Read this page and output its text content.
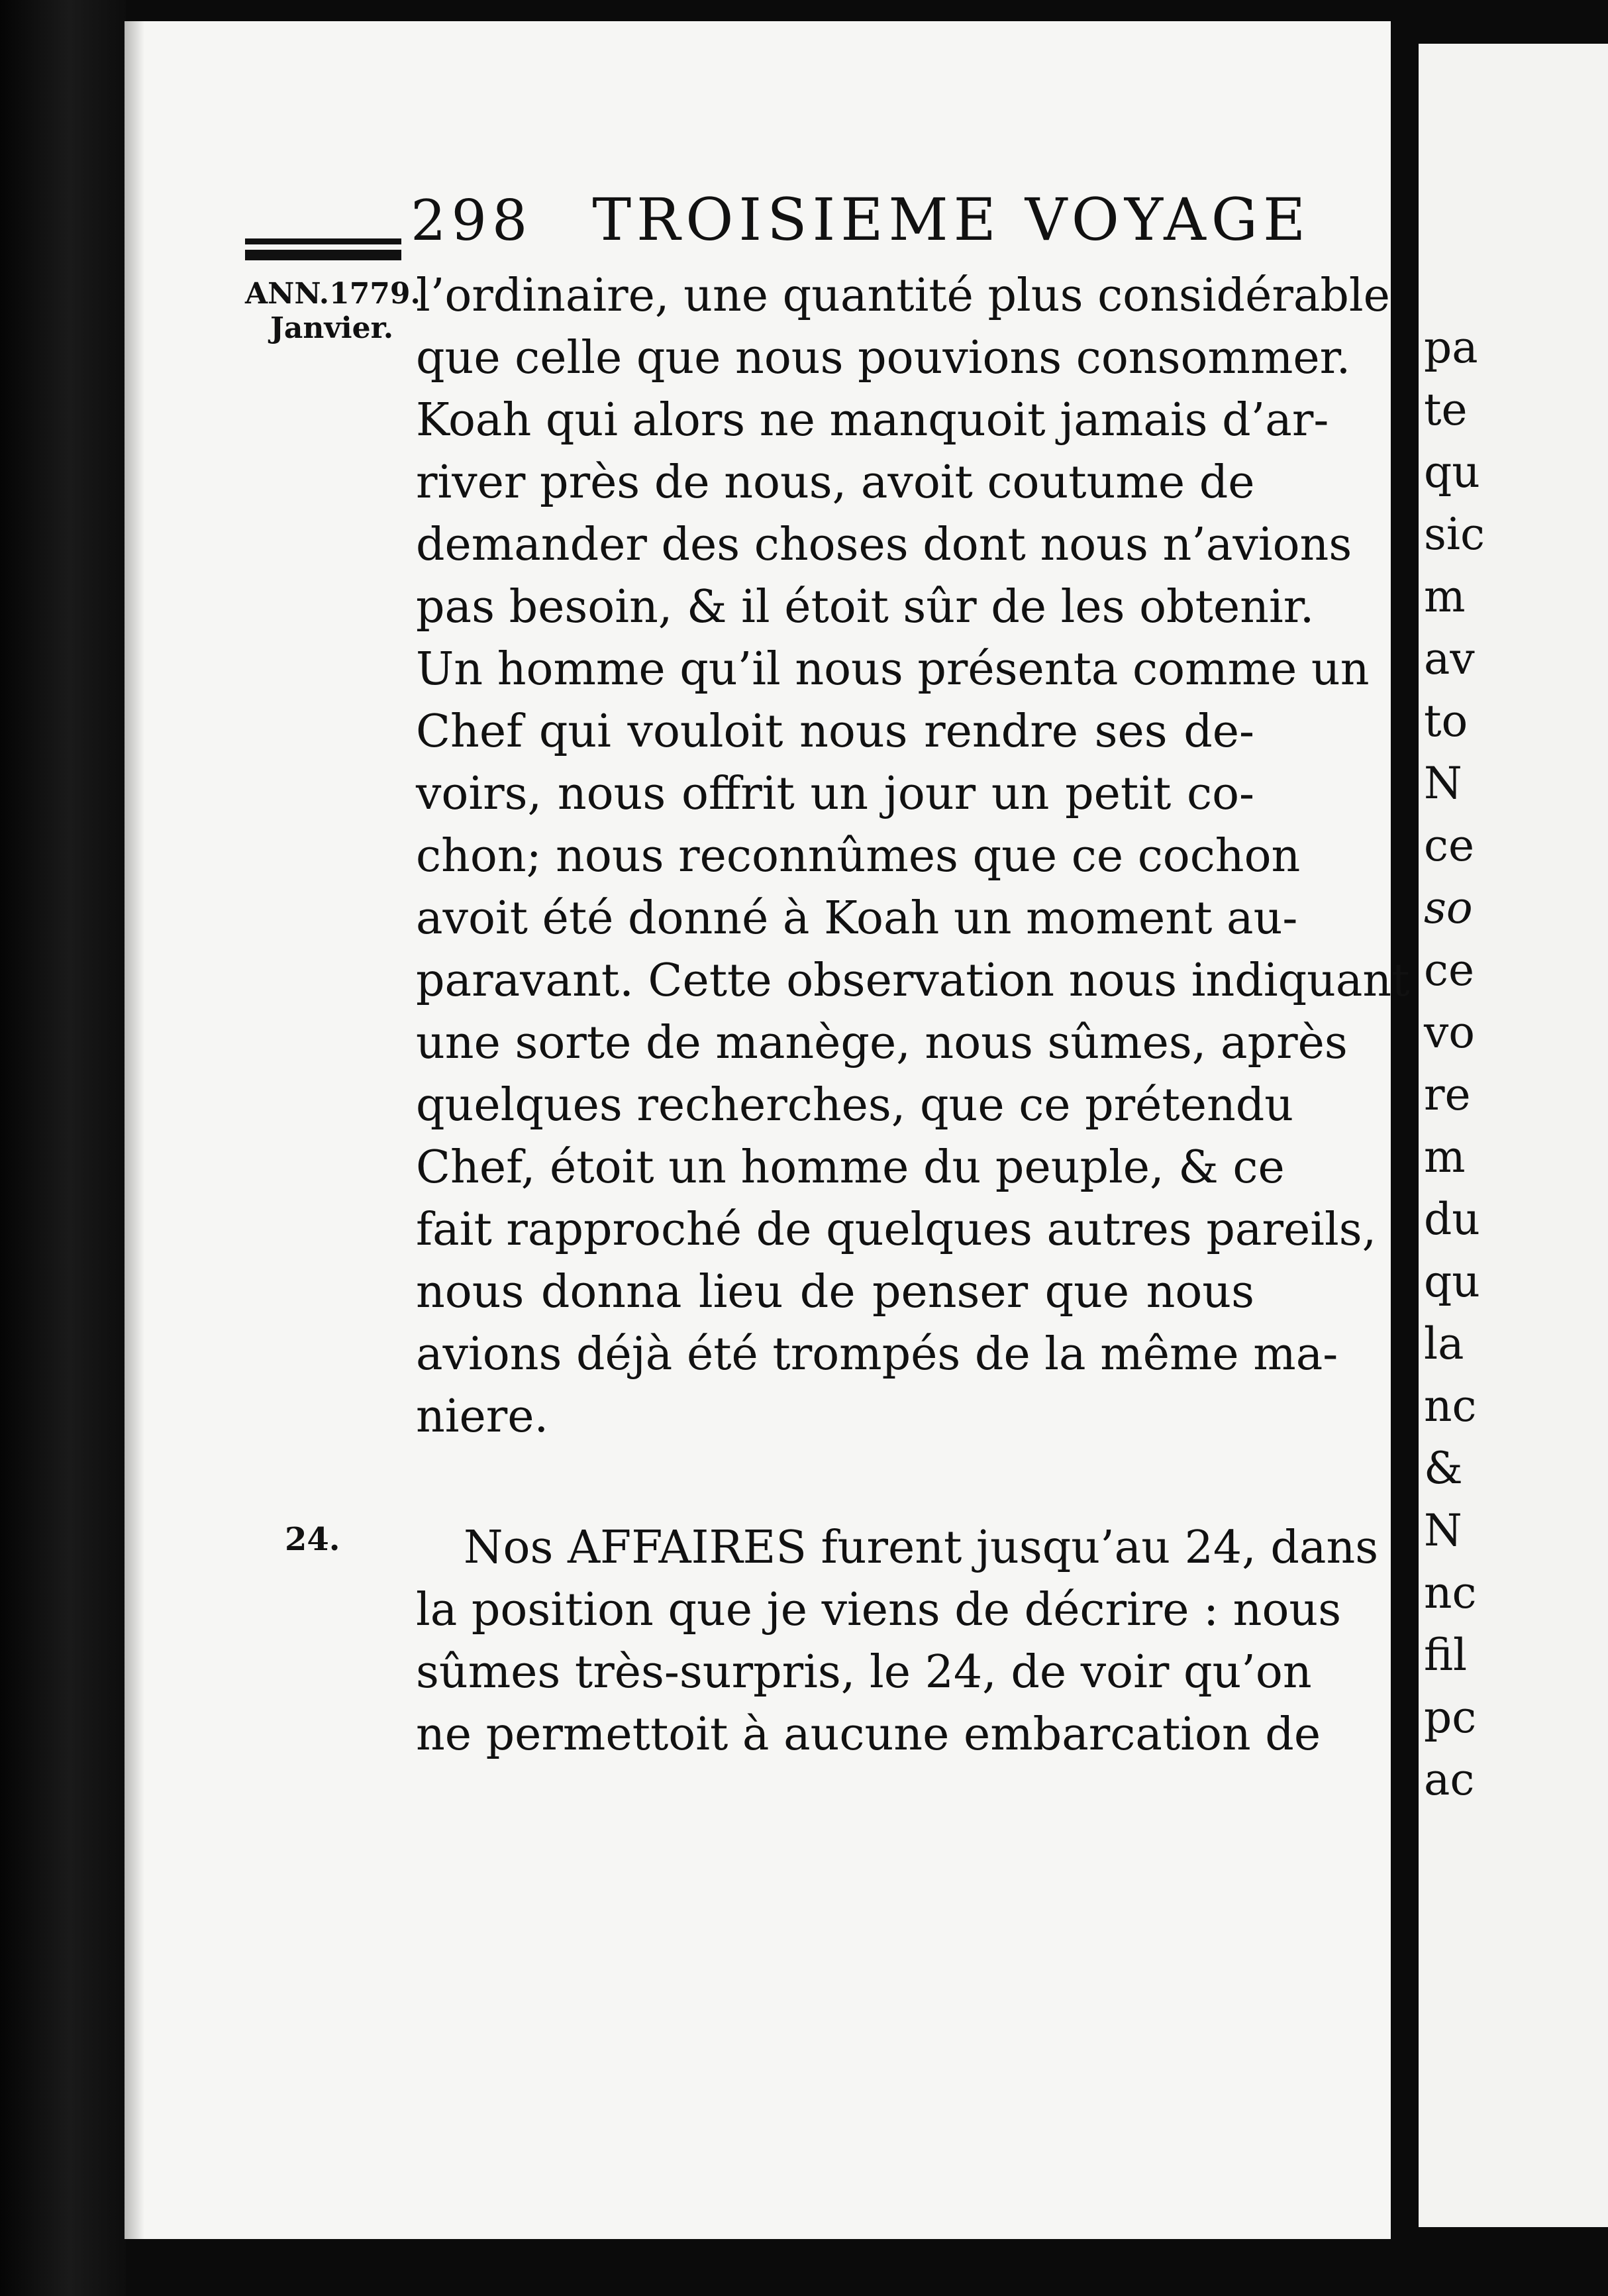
298 TROISIEME VOYAGE
ANN.1779.
Janvier.
24.
l’ordinaire, une quantité plus considérable
que celle que nous pouvions consommer.
Koah qui alors ne manquoit jamais d’ar-
river près de nous, avoit coutume de
demander des choses dont nous n’avions
pas besoin, & il étoit sûr de les obtenir.
Un homme qu’il nous présenta comme un
Chef qui vouloit nous rendre ses de-
voirs, nous offrit un jour un petit co-
chon; nous reconnûmes que ce cochon
avoit été donné à Koah un moment au-
paravant. Cette observation nous indiquant
une sorte de manège, nous sûmes, après
quelques recherches, que ce prétendu
Chef, étoit un homme du peuple, & ce
fait rapproché de quelques autres pareils,
nous donna lieu de penser que nous
avions déjà été trompés de la même ma-
niere.
Nos AFFAIRES furent jusqu’au 24, dans
la position que je viens de décrire : nous
sûmes très-surpris, le 24, de voir qu’on
ne permettoit à aucune embarcation de
pa
te
qu
sic
m
av
to
N
ce
so
ce
vo
re
m
du
qu
la
nc
&
N
nc
fil
pc
ac
